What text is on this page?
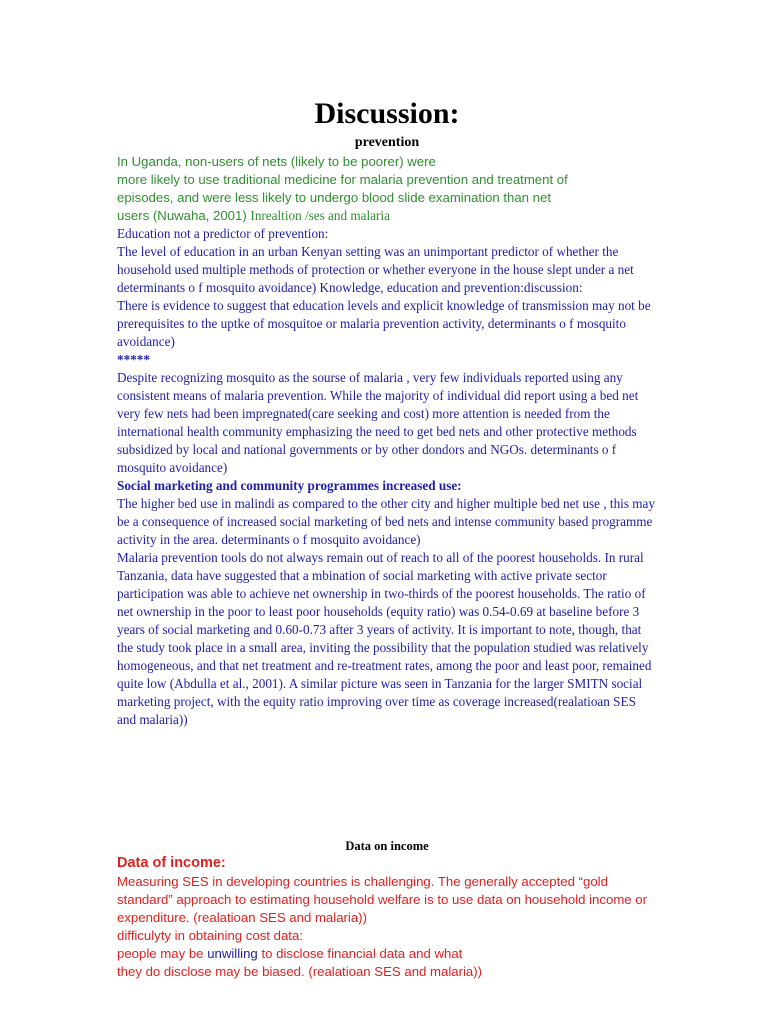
Discussion:
prevention
In Uganda, non-users of nets (likely to be poorer) were
more likely to use traditional medicine for malaria prevention and treatment of
episodes, and were less likely to undergo blood slide examination than net
users (Nuwaha, 2001) Inrealtion /ses and malaria

Education not a predictor of prevention:

The level of education in an urban Kenyan setting was an unimportant predictor of whether the household used multiple methods of protection or whether everyone in the house slept under a net determinants o f mosquito avoidance) Knowledge, education and prevention:discussion:

There is evidence to suggest that education levels and explicit knowledge of transmission may not be prerequisites to the uptke of mosquitoe or malaria prevention activity, determinants o f mosquito avoidance)

*****

Despite recognizing mosquito as the sourse of malaria , very few individuals reported using any consistent means of malaria prevention. While the majority of individual did report using a bed net very few nets had been impregnated(care seeking and cost) more attention is needed from the international health community emphasizing the need to get bed nets and other protective methods subsidized by local and national governments or by other dondors and NGOs. determinants o f mosquito avoidance)

Social marketing and community programmes increased use:

The higher bed use in malindi as compared to the other city and higher multiple bed net use , this may be a consequence of increased social marketing of bed nets and intense community based programme activity in the area. determinants o f mosquito avoidance)

Malaria prevention tools do not always remain out of reach to all of the poorest households. In rural Tanzania, data have suggested that a mbination of social marketing with active private sector participation was able to achieve net ownership in two-thirds of the poorest households. The ratio of net ownership in the poor to least poor households (equity ratio) was 0.54-0.69 at baseline before 3 years of social marketing and 0.60-0.73 after 3 years of activity. It is important to note, though, that the study took place in a small area, inviting the possibility that the population studied was relatively homogeneous, and that net treatment and re-treatment rates, among the poor and least poor, remained quite low (Abdulla et al., 2001). A similar picture was seen in Tanzania for the larger SMITN social marketing project, with the equity ratio improving over time as coverage increased(realatioan SES and malaria))

Data on income
Data of income:

Measuring SES in developing countries is challenging. The generally accepted “gold standard” approach to estimating household welfare is to use data on household income or expenditure. (realatioan SES and malaria))

difficulyty in obtaining cost data:

people may be unwilling to disclose financial data and what

they do disclose may be biased. (realatioan SES and malaria))
